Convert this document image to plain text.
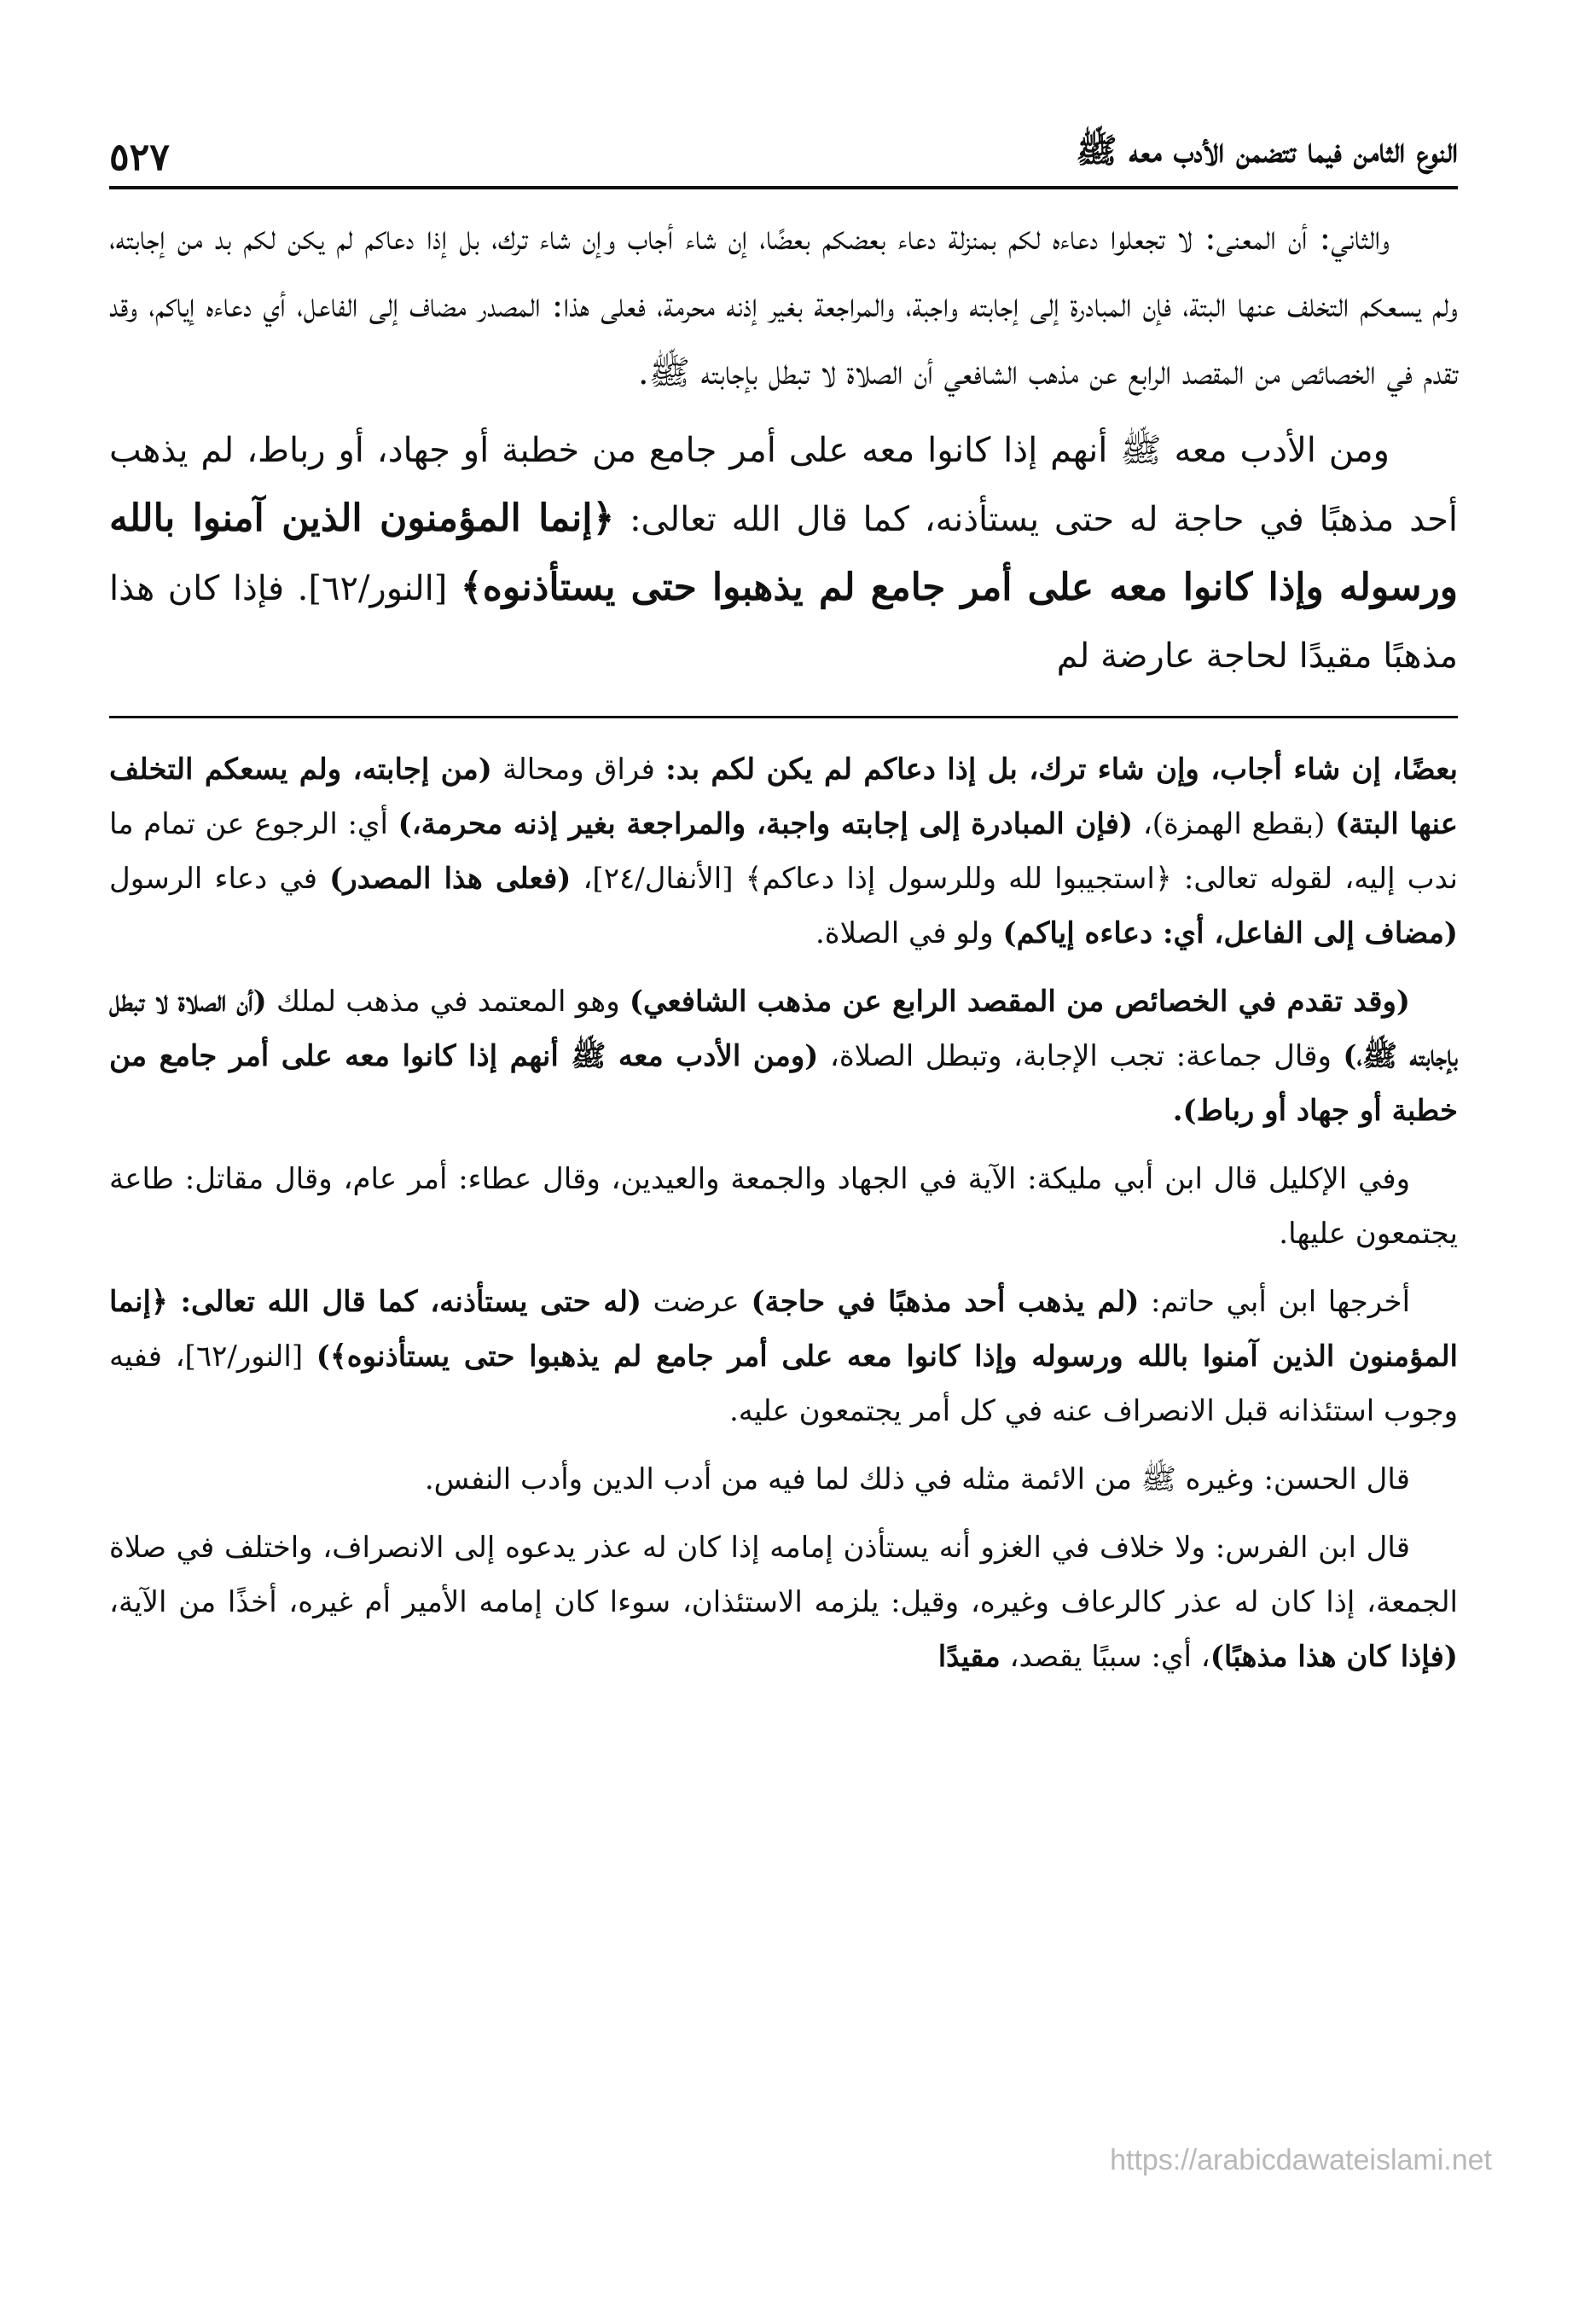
النوع الثامن فيما تتضمن الأدب معه ﷺ
٥٢٧

والثاني: أن المعنى: لا تجعلوا دعاءه لكم بمنزلة دعاء بعضكم بعضًا، إن شاء أجاب وإن شاء ترك، بل إذا دعاكم لم يكن لكم بد من إجابته، ولم يسعكم التخلف عنها البتة، فإن المبادرة إلى إجابته واجبة، والمراجعة بغير إذنه محرمة، فعلى هذا: المصدر مضاف إلى الفاعل، أي دعاءه إياكم، وقد تقدم في الخصائص من المقصد الرابع عن مذهب الشافعي أن الصلاة لا تبطل بإجابته ﷺ.

ومن الأدب معه ﷺ أنهم إذا كانوا معه على أمر جامع من خطبة أو جهاد، أو رباط، لم يذهب أحد مذهبًا في حاجة له حتى يستأذنه، كما قال الله تعالى: ﴿إنما المؤمنون الذين آمنوا بالله ورسوله وإذا كانوا معه على أمر جامع لم يذهبوا حتى يستأذنوه﴾ [النور/٦٢]. فإذا كان هذا مذهبًا مقيدًا لحاجة عارضة لم

بعضًا، إن شاء أجاب، وإن شاء ترك، بل إذا دعاكم لم يكن لكم بد: فراق ومحالة (من إجابته، ولم يسعكم التخلف عنها البتة) (بقطع الهمزة)، (فإن المبادرة إلى إجابته واجبة، والمراجعة بغير إذنه محرمة،) أي: الرجوع عن تمام ما ندب إليه، لقوله تعالى: ﴿استجيبوا لله وللرسول إذا دعاكم﴾ [الأنفال/٢٤]، (فعلى هذا المصدر) في دعاء الرسول (مضاف إلى الفاعل، أي: دعاءه إياكم) ولو في الصلاة.

(وقد تقدم في الخصائص من المقصد الرابع عن مذهب الشافعي) وهو المعتمد في مذهب لملك (أن الصلاة لا تبطل بإجابته ﷺ،) وقال جماعة: تجب الإجابة، وتبطل الصلاة، (ومن الأدب معه ﷺ أنهم إذا كانوا معه على أمر جامع من خطبة أو جهاد أو رباط).

وفي الإكليل قال ابن أبي مليكة: الآية في الجهاد والجمعة والعيدين، وقال عطاء: أمر عام، وقال مقاتل: طاعة يجتمعون عليها.

أخرجها ابن أبي حاتم: (لم يذهب أحد مذهبًا في حاجة) عرضت (له حتى يستأذنه، كما قال الله تعالى: ﴿إنما المؤمنون الذين آمنوا بالله ورسوله وإذا كانوا معه على أمر جامع لم يذهبوا حتى يستأذنوه﴾) [النور/٦٢]، ففيه وجوب استئذانه قبل الانصراف عنه في كل أمر يجتمعون عليه.

قال الحسن: وغيره ﷺ من الائمة مثله في ذلك لما فيه من أدب الدين وأدب النفس.

قال ابن الفرس: ولا خلاف في الغزو أنه يستأذن إمامه إذا كان له عذر يدعوه إلى الانصراف، واختلف في صلاة الجمعة، إذا كان له عذر كالرعاف وغيره، وقيل: يلزمه الاستئذان، سوءا كان إمامه الأمير أم غيره، أخذًا من الآية، (فإذا كان هذا مذهبًا)، أي: سببًا يقصد، مقيدًا

https://arabicdawateislami.net
